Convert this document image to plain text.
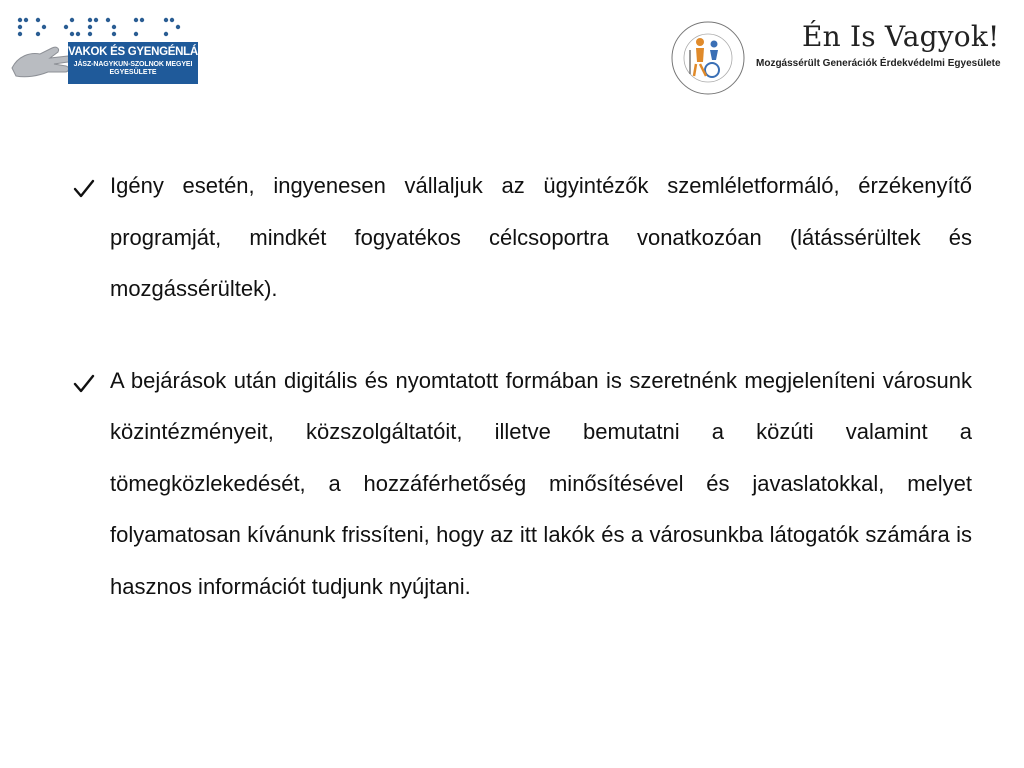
VAKOK ÉS GYENGÉNLÁTÓK
JÁSZ-NAGYKUN-SZOLNOK MEGYEI
EGYESÜLETE
Én Is Vagyok!
Mozgássérült Generációk Érdekvédelmi Egyesülete
Igény esetén, ingyenesen vállaljuk az ügyintézők szemléletformáló, érzékenyítő programját, mindkét fogyatékos célcsoportra vonatkozóan (látássérültek és mozgássérültek).
A bejárások után digitális és nyomtatott formában is szeretnénk megjeleníteni városunk közintézményeit, közszolgáltatóit, illetve bemutatni a közúti valamint a tömegközlekedését, a hozzáférhetőség minősítésével és javaslatokkal, melyet folyamatosan kívánunk frissíteni, hogy az itt lakók és a városunkba látogatók számára is hasznos információt tudjunk nyújtani.
